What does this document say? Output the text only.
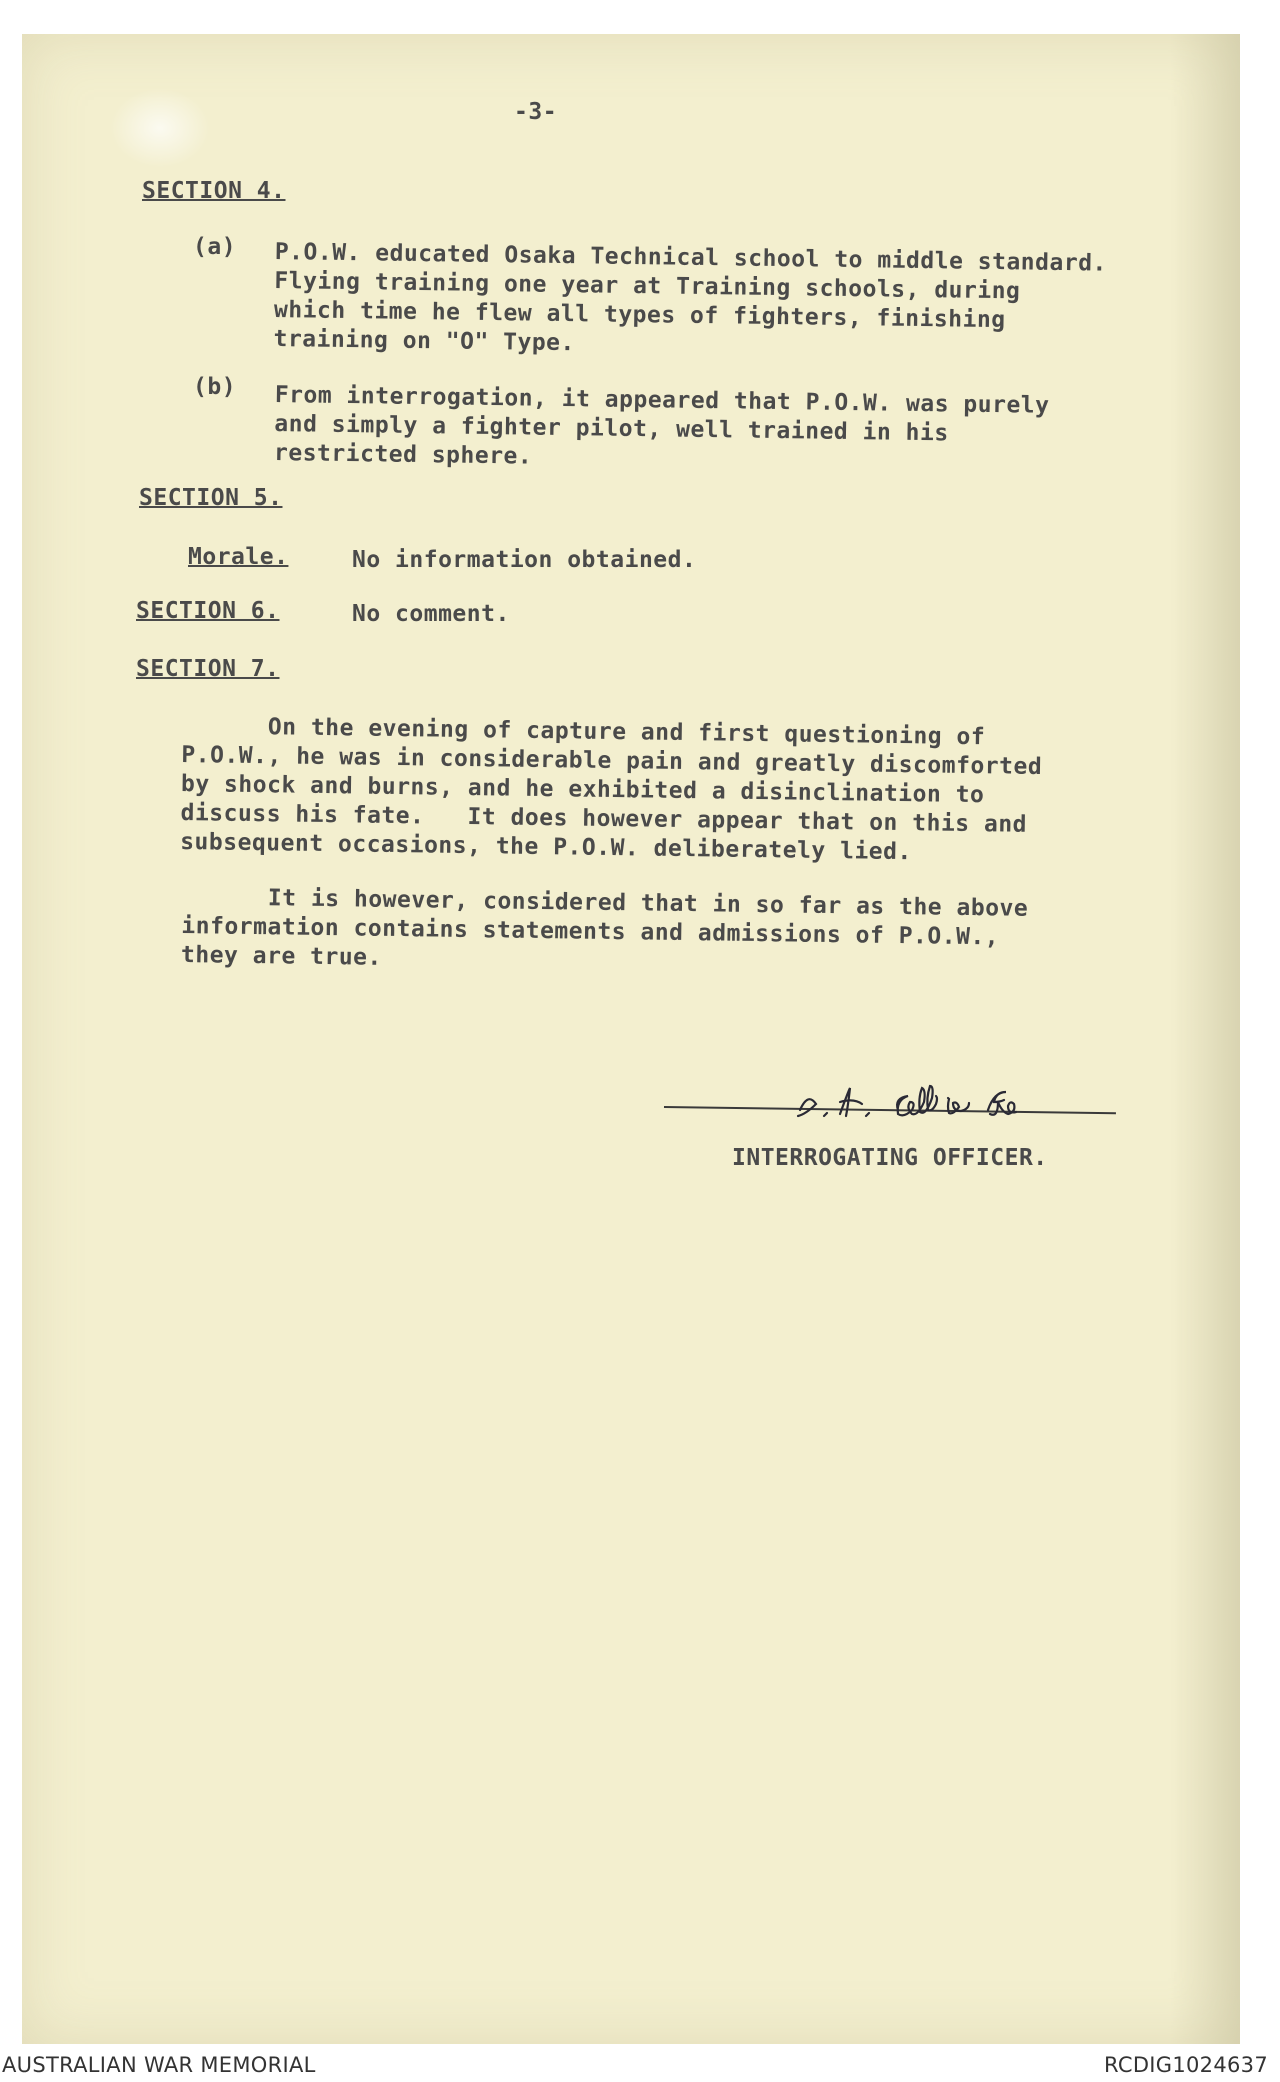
-3-
SECTION 4.
(a) P.O.W. educated Osaka Technical school to middle standard.
Flying training one year at Training schools, during
which time he flew all types of fighters, finishing
training on "O" Type.
(b) From interrogation, it appeared that P.O.W. was purely
and simply a fighter pilot, well trained in his
restricted sphere.
SECTION 5.
Morale.	No information obtained.
SECTION 6.	No comment.
SECTION 7.
On the evening of capture and first questioning of
P.O.W., he was in considerable pain and greatly discomforted
by shock and burns, and he exhibited a disinclination to
discuss his fate.   It does however appear that on this and
subsequent occasions, the P.O.W. deliberately lied.
It is however, considered that in so far as the above
information contains statements and admissions of P.O.W.,
they are true.
INTERROGATING OFFICER.
AUSTRALIAN WAR MEMORIAL	RCDIG1024637
